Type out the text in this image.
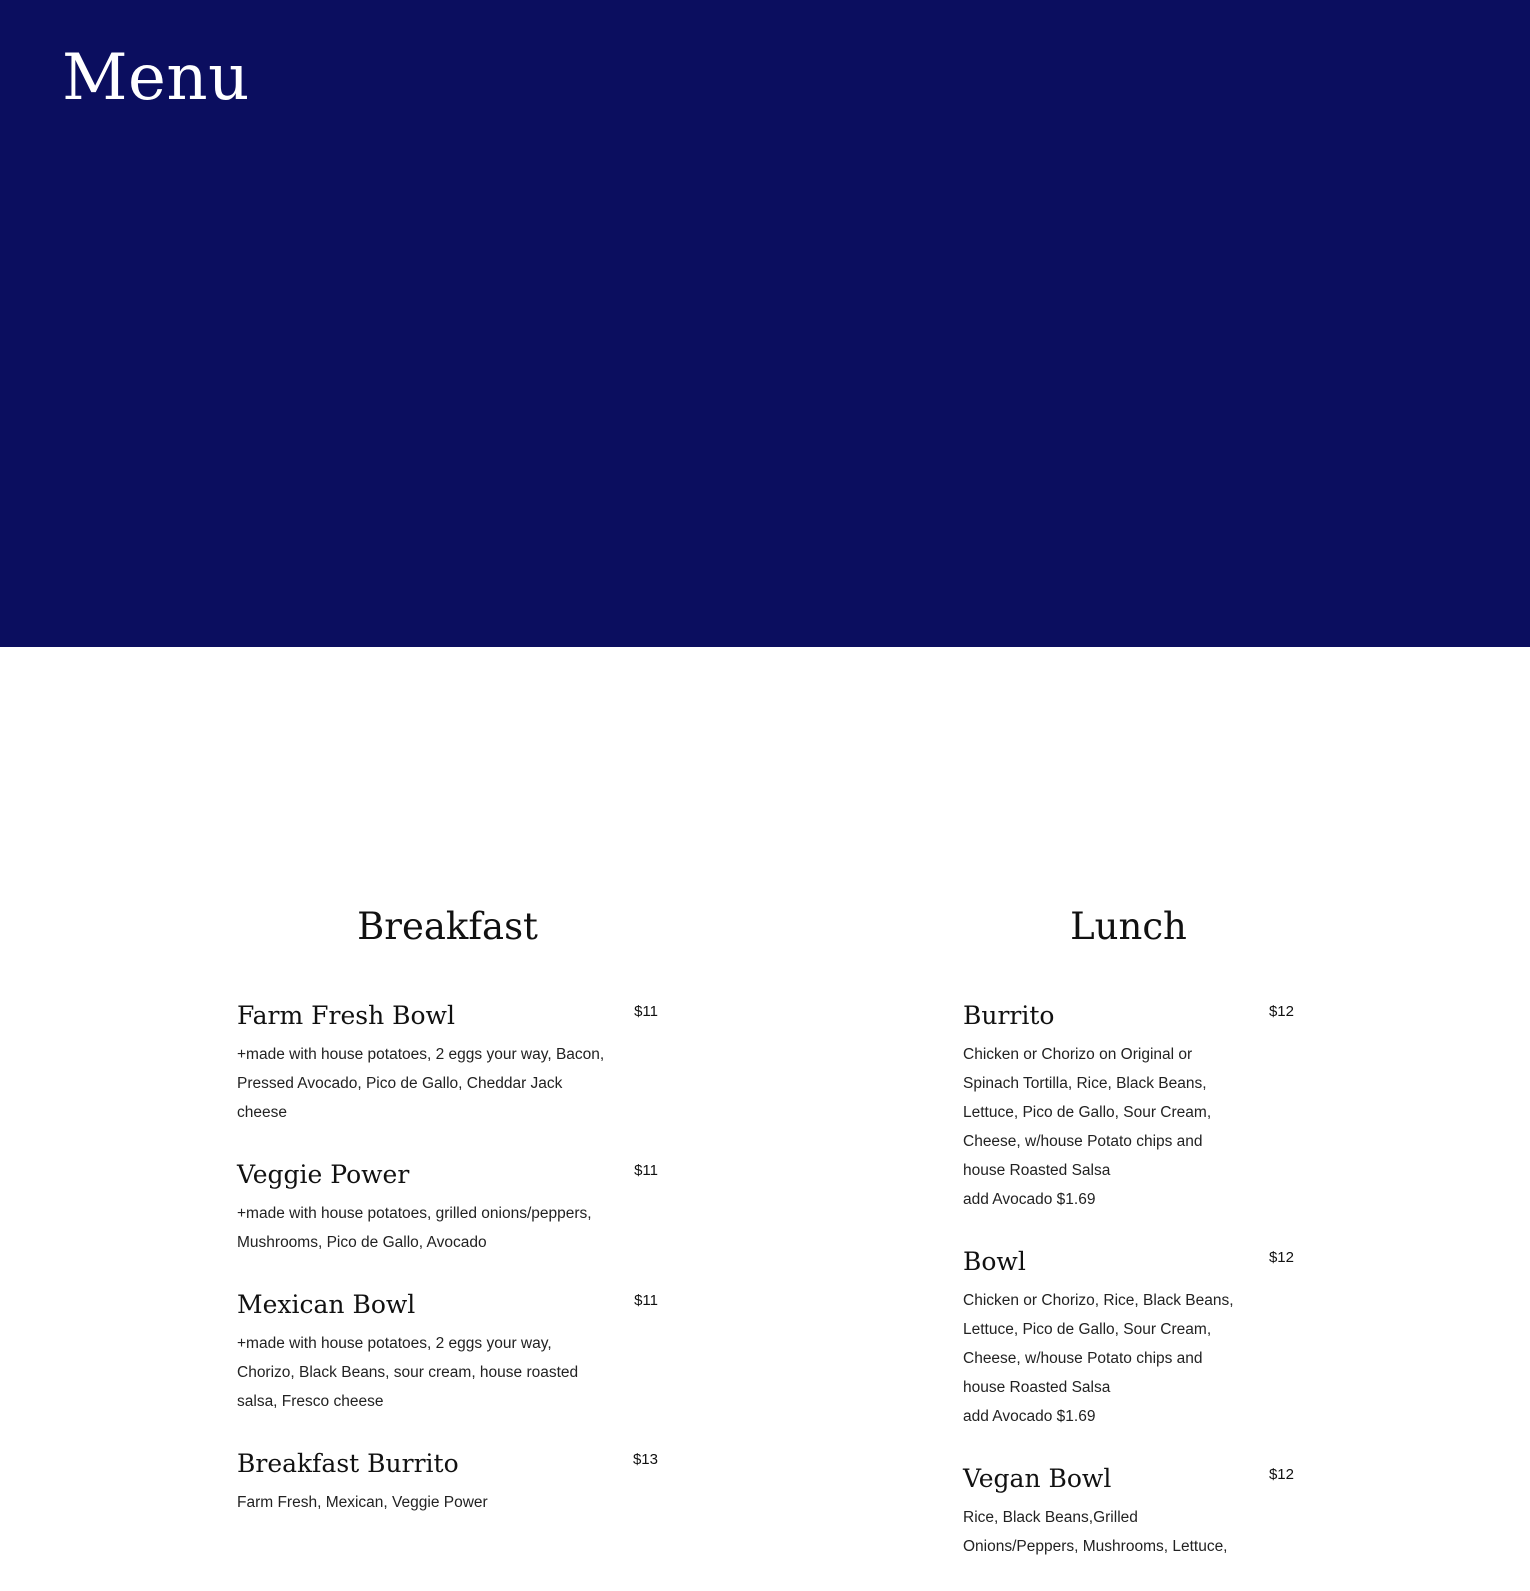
Menu
Breakfast
Farm Fresh Bowl	$11
+made with house potatoes, 2 eggs your way, Bacon, Pressed Avocado, Pico de Gallo, Cheddar Jack cheese
Veggie Power	$11
+made with house potatoes, grilled onions/peppers, Mushrooms, Pico de Gallo, Avocado
Mexican Bowl	$11
+made with house potatoes, 2 eggs your way, Chorizo, Black Beans, sour cream, house roasted salsa, Fresco cheese
Breakfast Burrito	$13
Farm Fresh, Mexican, Veggie Power
Lunch
Burrito	$12
Chicken or Chorizo on Original or Spinach Tortilla, Rice, Black Beans, Lettuce, Pico de Gallo, Sour Cream, Cheese, w/house Potato chips and house Roasted Salsa
add Avocado $1.69
Bowl	$12
Chicken or Chorizo, Rice, Black Beans, Lettuce, Pico de Gallo, Sour Cream, Cheese, w/house Potato chips and house Roasted Salsa
add Avocado $1.69
Vegan Bowl	$12
Rice, Black Beans,Grilled Onions/Peppers, Mushrooms, Lettuce,
